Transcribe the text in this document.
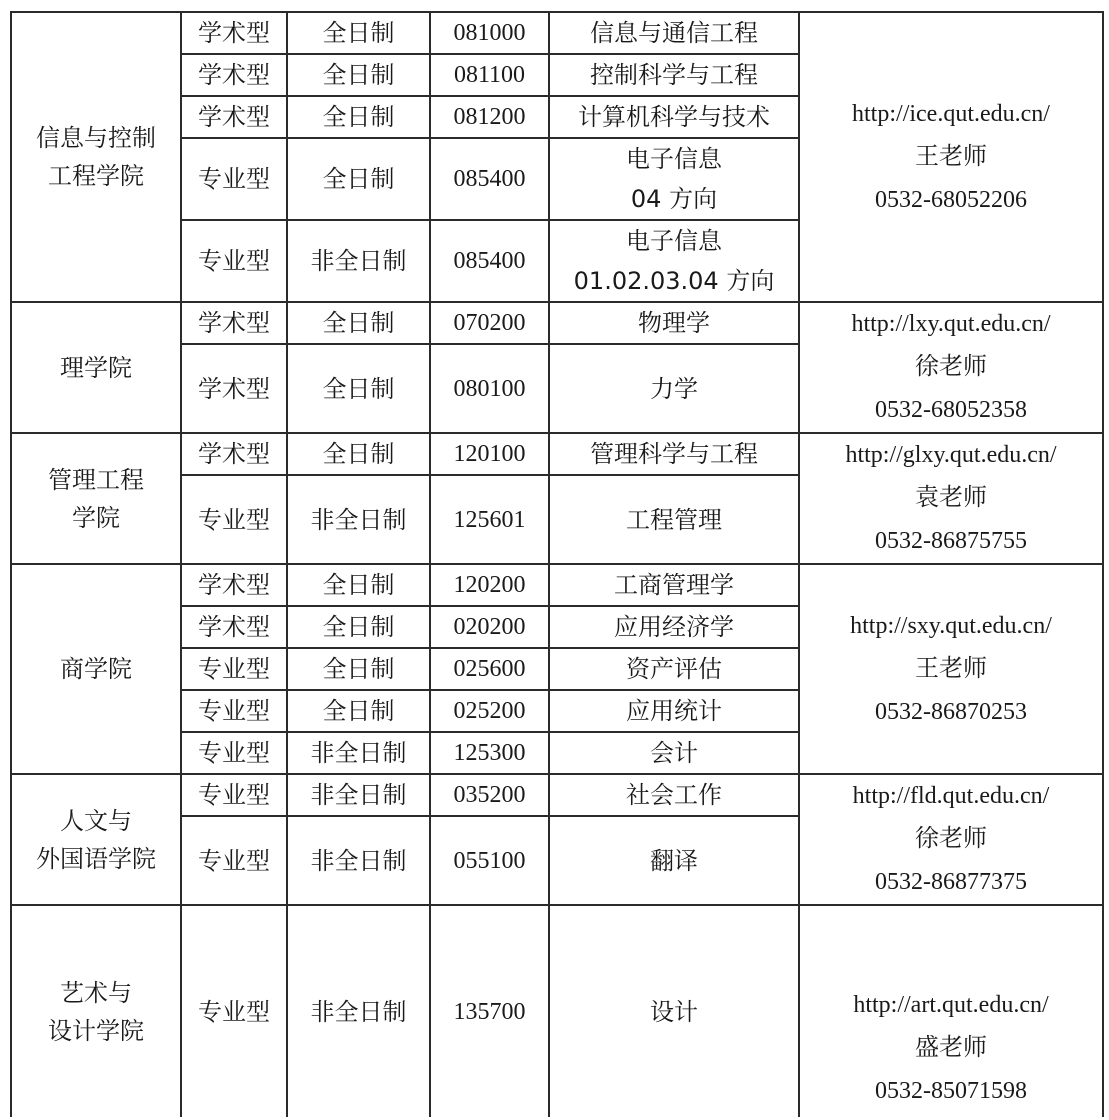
信息与控制
工程学院	学术型	全日制	081000	信息与通信工程	http://ice.qut.edu.cn/
王老师
0532-68052206

	学术型	全日制	081100	控制科学与工程	

	学术型	全日制	081200	计算机科学与技术	

	专业型	全日制	085400	电子信息
04 方向	

	专业型	非全日制	085400	电子信息
01.02.03.04 方向	

理学院	学术型	全日制	070200	物理学	http://lxy.qut.edu.cn/
徐老师
0532-68052358

	学术型	全日制	080100	力学	

管理工程
学院	学术型	全日制	120100	管理科学与工程	http://glxy.qut.edu.cn/
袁老师
0532-86875755

	专业型	非全日制	125601	工程管理	

商学院	学术型	全日制	120200	工商管理学	http://sxy.qut.edu.cn/
王老师
0532-86870253

	学术型	全日制	020200	应用经济学	

	专业型	全日制	025600	资产评估	

	专业型	全日制	025200	应用统计	

	专业型	非全日制	125300	会计	

人文与
外国语学院	专业型	非全日制	035200	社会工作	http://fld.qut.edu.cn/
徐老师
0532-86877375

	专业型	非全日制	055100	翻译	

艺术与
设计学院	专业型	非全日制	135700	设计	http://art.qut.edu.cn/
盛老师
0532-85071598
